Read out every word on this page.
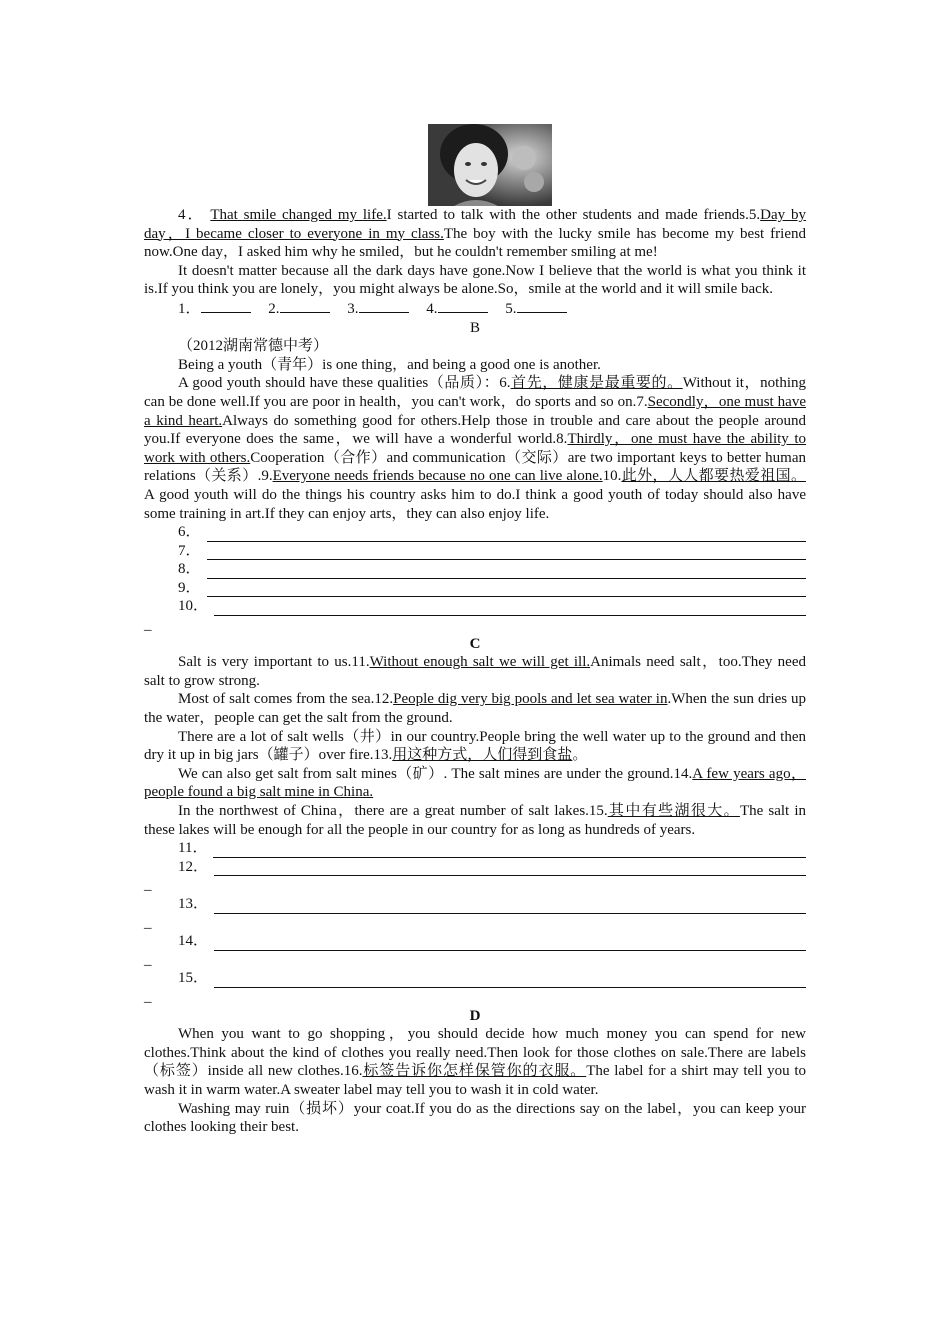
4． That smile changed my life.I started to talk with the other students and made friends.5.Day by day，I became closer to everyone in my class.The boy with the lucky smile has become my best friend now.One day，I asked him why he smiled，but he couldn't remember smiling at me!

It doesn't matter because all the dark days have gone.Now I believe that the world is what you think it is.If you think you are lonely，you might always be alone.So，smile at the world and it will smile back.

1．	2.	3.	4.	5.

B

（2012湖南常德中考）

Being a youth（青年）is one thing，and being a good one is another.

A good youth should have these qualities（品质）：6.首先，健康是最重要的。Without it，nothing can be done well.If you are poor in health，you can't work，do sports and so on.7.Secondly，one must have a kind heart.Always do something good for others.Help those in trouble and care about the people around you.If everyone does the same，we will have a wonderful world.8.Thirdly，one must have the ability to work with others.Cooperation（合作）and communication（交际）are two important keys to better human relations（关系）.9.Everyone needs friends because no one can live alone.10.此外，人人都要热爱祖国。A good youth will do the things his country asks him to do.I think a good youth of today should also have some training in art.If they can enjoy arts，they can also enjoy life.

6．
7．
8．
9．
10．
_

C

Salt is very important to us.11.Without enough salt we will get ill.Animals need salt，too.They need salt to grow strong.

Most of salt comes from the sea.12.People dig very big pools and let sea water in.When the sun dries up the water，people can get the salt from the ground.

There are a lot of salt wells（井）in our country.People bring the well water up to the ground and then dry it up in big jars（罐子）over fire.13.用这种方式，人们得到食盐。

We can also get salt from salt mines（矿）. The salt mines are under the ground.14.A few years ago，people found a big salt mine in China.

In the northwest of China，there are a great number of salt lakes.15.其中有些湖很大。The salt in these lakes will be enough for all the people in our country for as long as hundreds of years.

11．
12．
_
13．
_
14．
_
15．
_

D

When you want to go shopping，you should decide how much money you can spend for new clothes.Think about the kind of clothes you really need.Then look for those clothes on sale.There are labels（标签）inside all new clothes.16.标签告诉你怎样保管你的衣服。The label for a shirt may tell you to wash it in warm water.A sweater label may tell you to wash it in cold water.

Washing may ruin（损坏）your coat.If you do as the directions say on the label，you can keep your clothes looking their best.
